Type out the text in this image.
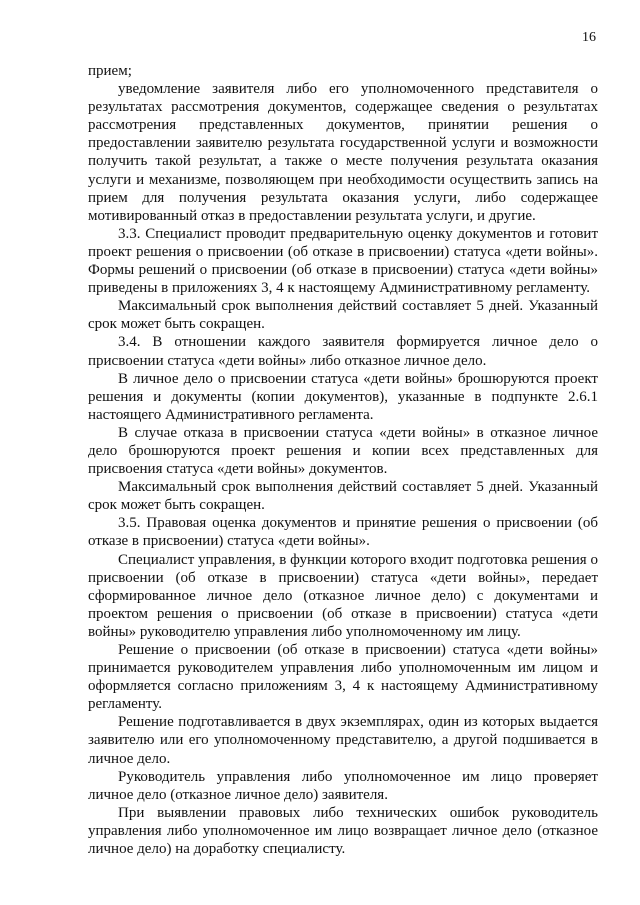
16

прием;

уведомление заявителя либо его уполномоченного представителя о результатах рассмотрения документов, содержащее сведения о результатах рассмотрения представленных документов, принятии решения о предоставлении заявителю результата государственной услуги и возможности получить такой результат, а также о месте получения результата оказания услуги и механизме, позволяющем при необходимости осуществить запись на прием для получения результата оказания услуги, либо содержащее мотивированный отказ в предоставлении результата услуги, и другие.

3.3. Специалист проводит предварительную оценку документов и готовит проект решения о присвоении (об отказе в присвоении) статуса «дети войны». Формы решений о присвоении (об отказе в присвоении) статуса «дети войны» приведены в приложениях 3, 4 к настоящему Административному регламенту.

Максимальный срок выполнения действий составляет 5 дней. Указанный срок может быть сокращен.

3.4. В отношении каждого заявителя формируется личное дело о присвоении статуса «дети войны» либо отказное личное дело.

В личное дело о присвоении статуса «дети войны» брошюруются проект решения и документы (копии документов), указанные в подпункте 2.6.1 настоящего Административного регламента.

В случае отказа в присвоении статуса «дети войны» в отказное личное дело брошюруются проект решения и копии всех представленных для присвоения статуса «дети войны» документов.

Максимальный срок выполнения действий составляет 5 дней. Указанный срок может быть сокращен.

3.5. Правовая оценка документов и принятие решения о присвоении (об отказе в присвоении) статуса «дети войны».

Специалист управления, в функции которого входит подготовка решения о присвоении (об отказе в присвоении) статуса «дети войны», передает сформированное личное дело (отказное личное дело) с документами и проектом решения о присвоении (об отказе в присвоении) статуса «дети войны» руководителю управления либо уполномоченному им лицу.

Решение о присвоении (об отказе в присвоении) статуса «дети войны» принимается руководителем управления либо уполномоченным им лицом и оформляется согласно приложениям 3, 4 к настоящему Административному регламенту.

Решение подготавливается в двух экземплярах, один из которых выдается заявителю или его уполномоченному представителю, а другой подшивается в личное дело.

Руководитель управления либо уполномоченное им лицо проверяет личное дело (отказное личное дело) заявителя.

При выявлении правовых либо технических ошибок руководитель управления либо уполномоченное им лицо возвращает личное дело (отказное личное дело) на доработку специалисту.
